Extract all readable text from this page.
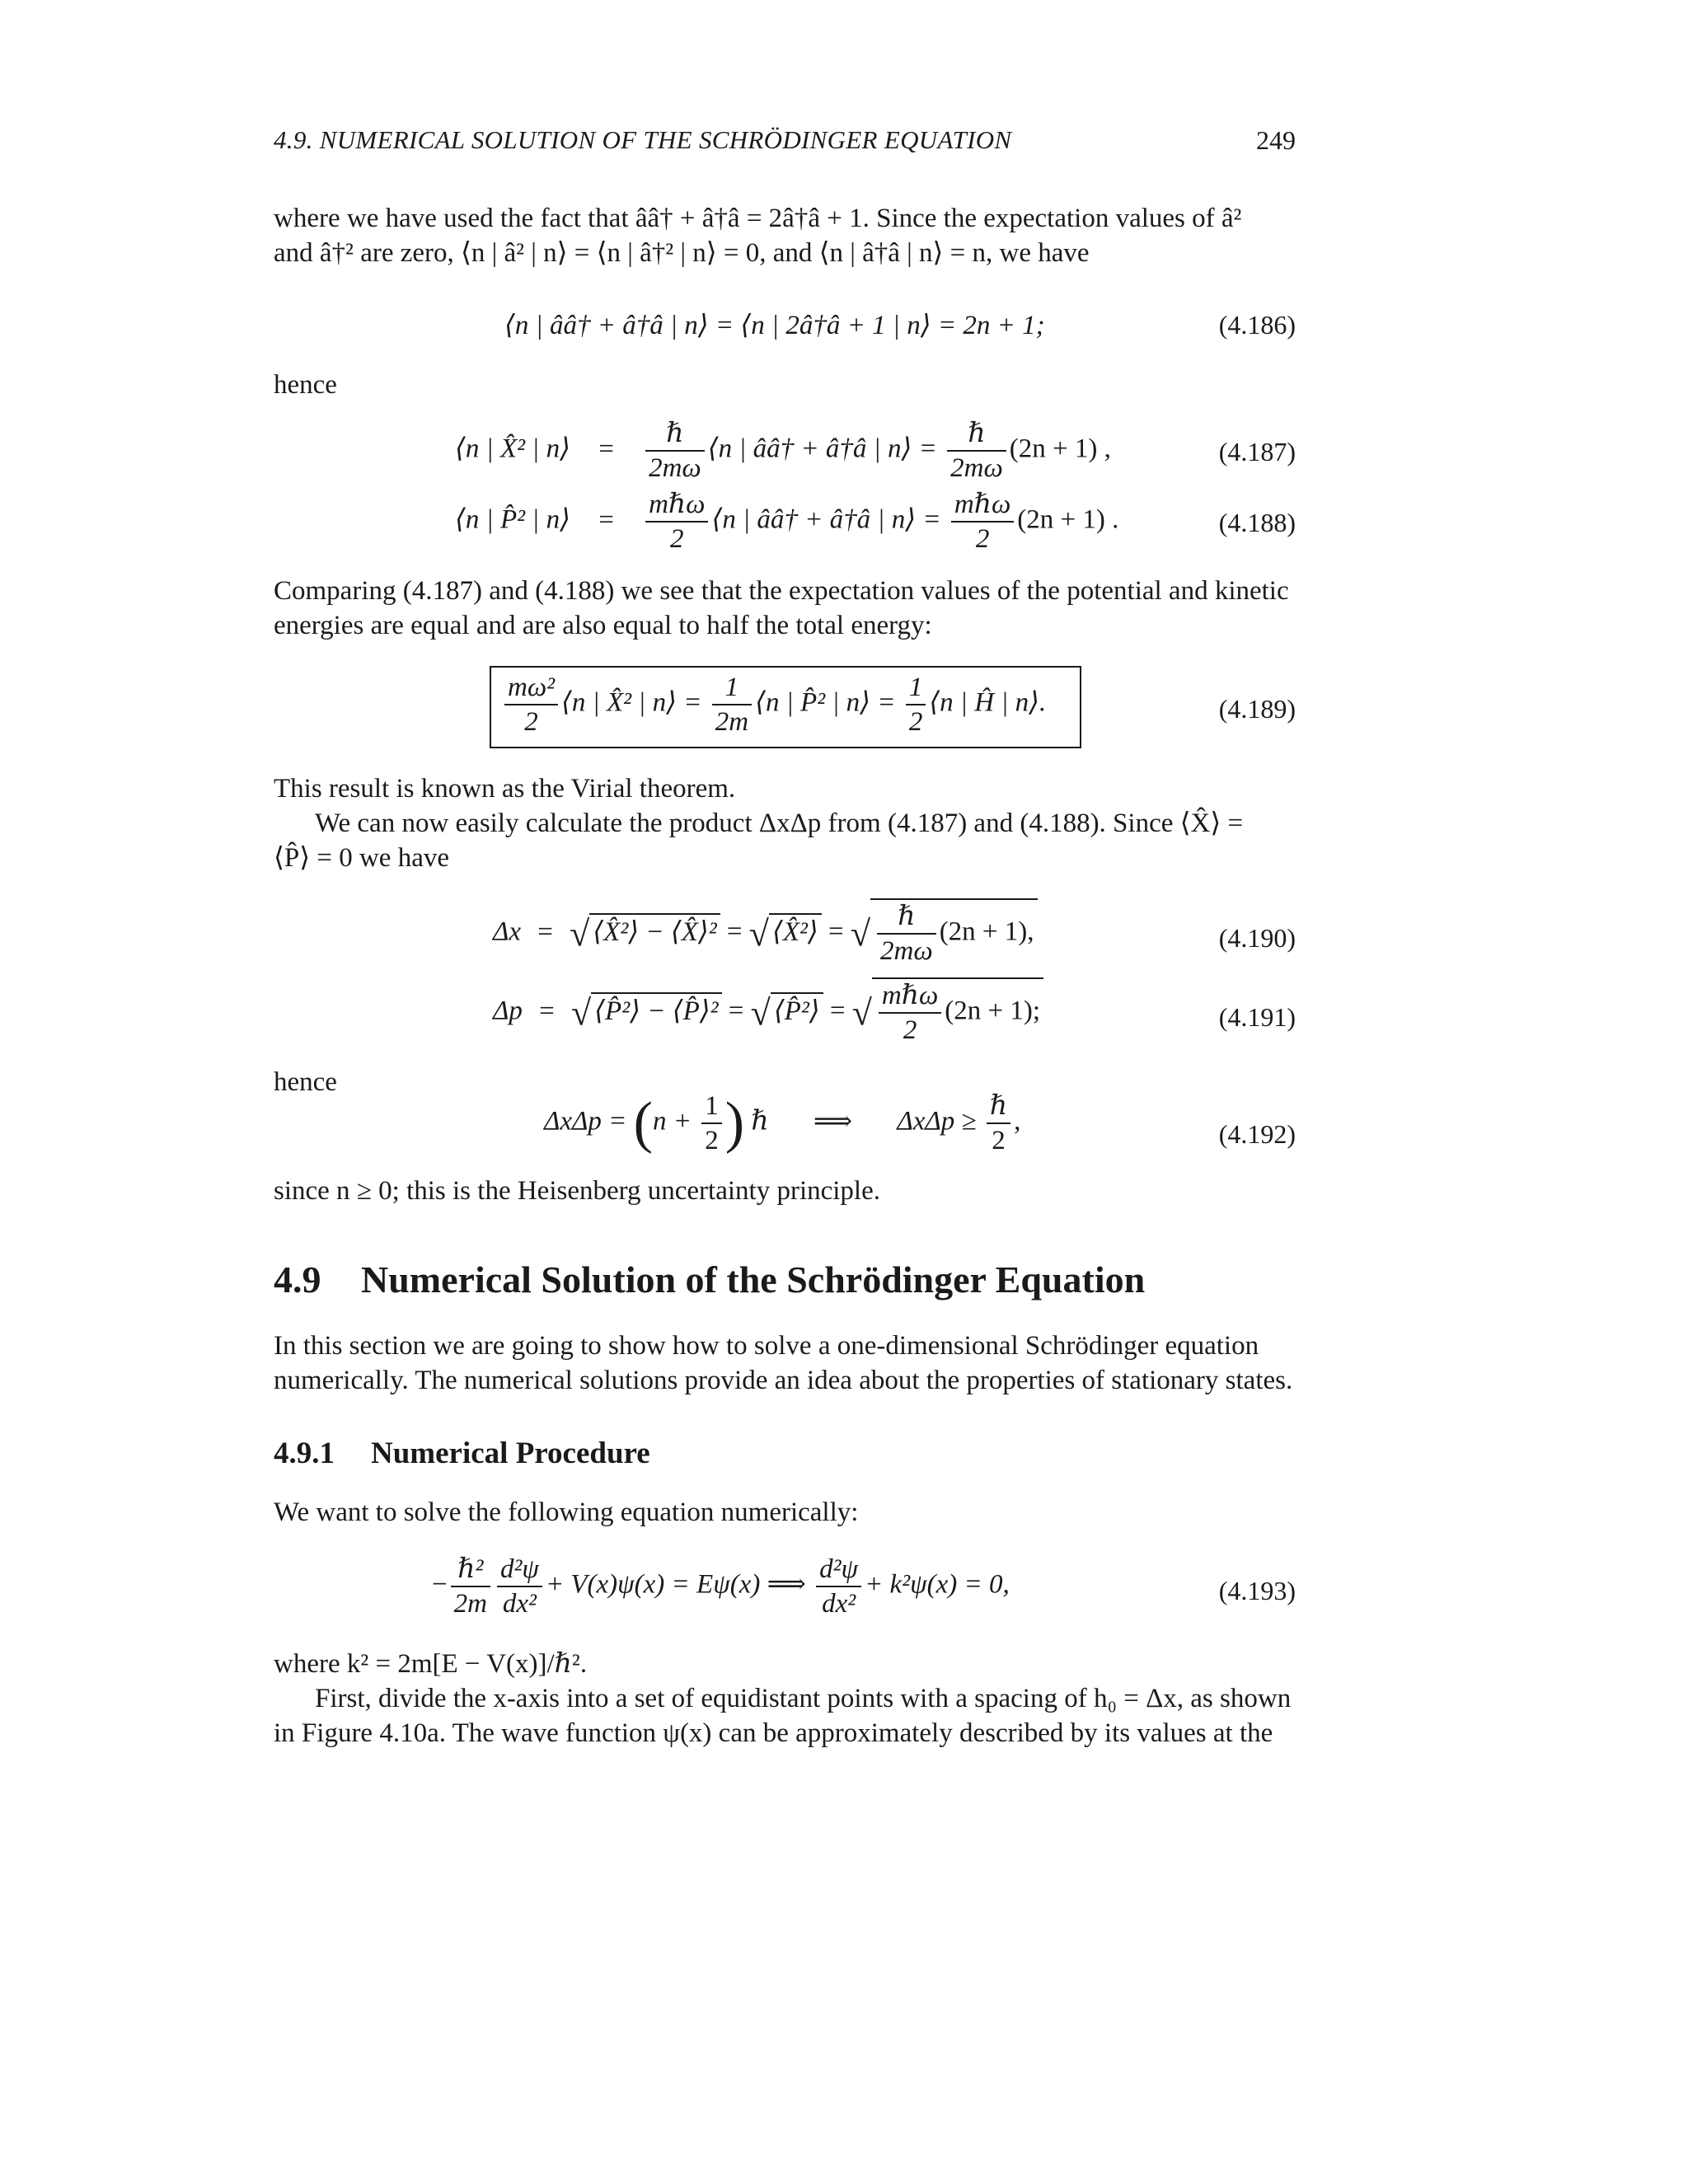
4.9. NUMERICAL SOLUTION OF THE SCHRÖDINGER EQUATION	249
where we have used the fact that ââ† + â†â = 2â†â + 1. Since the expectation values of â²
and â†² are zero, ⟨n | â² | n⟩ = ⟨n | â†² | n⟩ = 0, and ⟨n | â†â | n⟩ = n, we have
⟨n | ââ† + â†â | n⟩ = ⟨n | 2â†â + 1 | n⟩ = 2n + 1;	(4.186)
hence
⟨n | X̂² | n⟩ = $\frac{\text{ℏ}}{2m\omega}$ ⟨n | ââ† + â†â | n⟩ = $\frac{\text{ℏ}}{2m\omega} (2n + 1)$ ,	(4.187)
⟨n | P̂² | n⟩ = $\frac{\text{mℏω}}{2}$ ⟨n | ââ† + â†â | n⟩ = $\frac{\text{mℏω}}{2} (2n + 1)$ .	(4.188)
Comparing (4.187) and (4.188) we see that the expectation values of the potential and kinetic
energies are equal and are also equal to half the total energy:
$\frac{\text{mω²}}{2}$ ⟨n | X̂² | n⟩ = $\frac{1}{2m}$ ⟨n | P̂² | n⟩ = $\frac{1}{2}$ ⟨n | Ĥ | n⟩.	(4.189)
This result is known as the Virial theorem.
We can now easily calculate the product ΔxΔp from (4.187) and (4.188). Since ⟨X̂⟩ =
⟨P̂⟩ = 0 we have
Δx = √ ⟨X̂²⟩ − ⟨X̂⟩² = √ ⟨X̂²⟩ = √ $\frac{\text{ℏ}}{2m\omega} (2n + 1)$,	(4.190)
Δp = √ ⟨P̂²⟩ − ⟨P̂⟩² = √ ⟨P̂²⟩ = √ $\frac{\text{mℏω}}{2} (2n + 1)$;	(4.191)
hence
$\Delta x\Delta p = (n + \frac{1}{2}$ ) ℏ ⟹ $\Delta x\Delta p \ge \frac{\text{ℏ}}{2}$ ,	(4.192)
since n ≥ 0; this is the Heisenberg uncertainty principle.
4.9 Numerical Solution of the Schrödinger Equation
In this section we are going to show how to solve a one-dimensional Schrödinger equation
numerically. The numerical solutions provide an idea about the properties of stationary states.
4.9.1 Numerical Procedure
We want to solve the following equation numerically:
− $\frac{\text{ℏ²}}{2m} \frac{\text{d²ψ}}{\text{dx²}} + V(x)\psi(x) = E\psi(x)$ ⟹ $\frac{\text{d²ψ}}{\text{dx²}} + k^2\psi(x) = 0$,	(4.193)
where k² = 2m[E − V(x)]/ℏ².
First, divide the x-axis into a set of equidistant points with a spacing of h₀ = Δx, as shown
in Figure 4.10a. The wave function ψ(x) can be approximately described by its values at the
